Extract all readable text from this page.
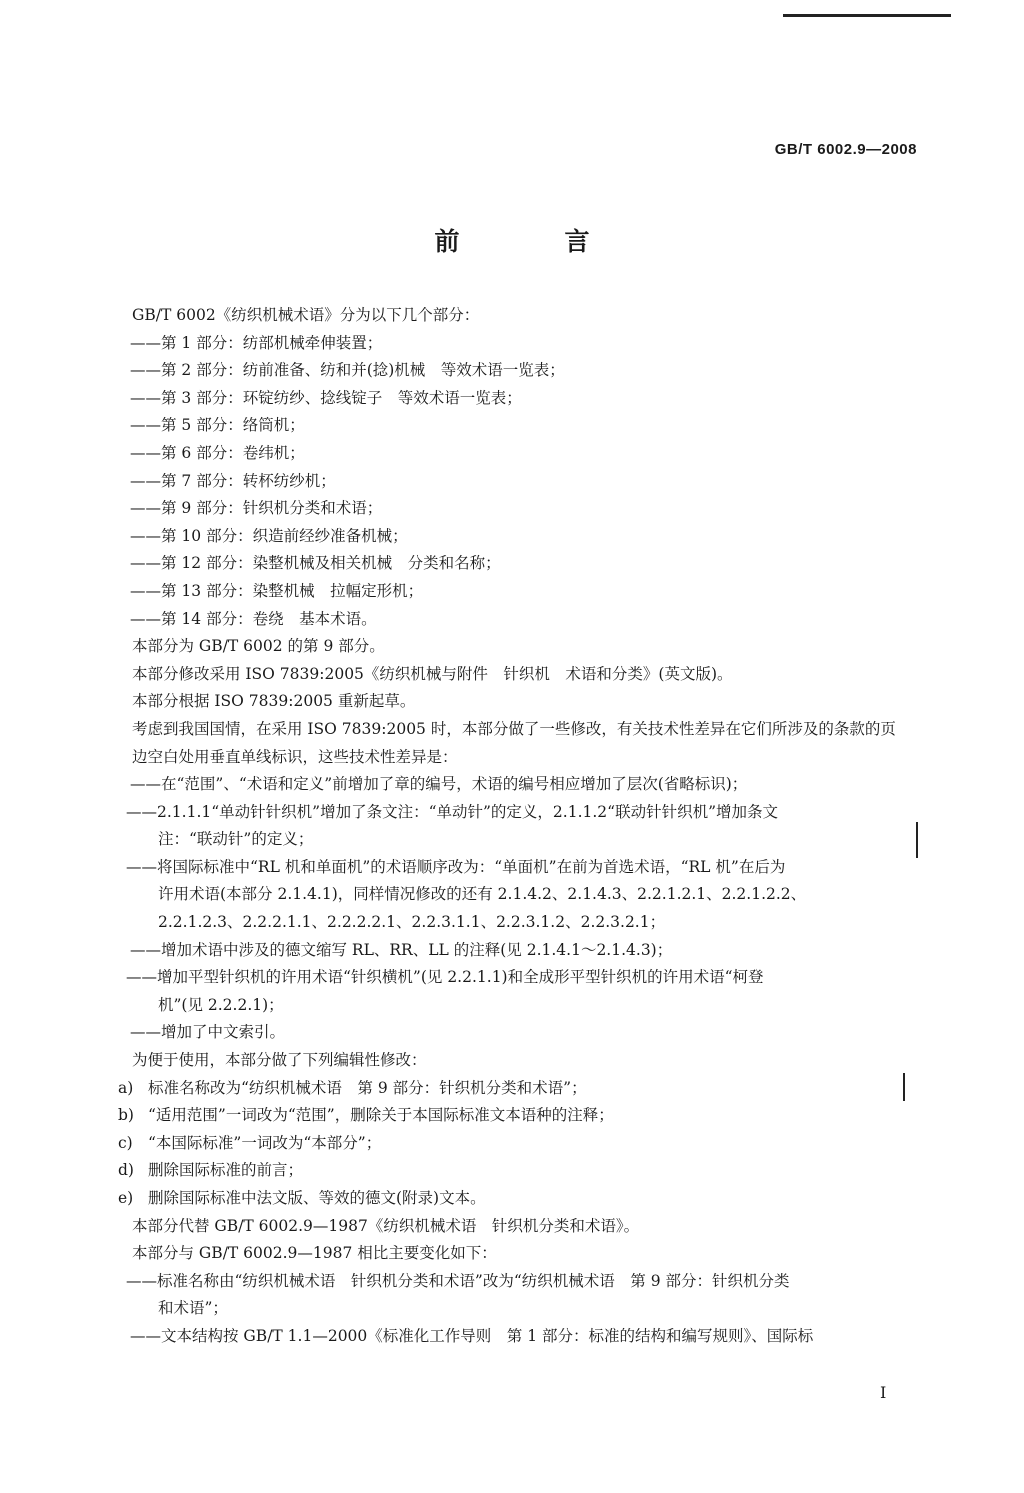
GB/T 6002.9—2008
前　言
GB/T 6002《纺织机械术语》分为以下几个部分：
——第 1 部分：纺部机械牵伸装置；
——第 2 部分：纺前准备、纺和并(捻)机械　等效术语一览表；
——第 3 部分：环锭纺纱、捻线锭子　等效术语一览表；
——第 5 部分：络筒机；
——第 6 部分：卷纬机；
——第 7 部分：转杯纺纱机；
——第 9 部分：针织机分类和术语；
——第 10 部分：织造前经纱准备机械；
——第 12 部分：染整机械及相关机械　分类和名称；
——第 13 部分：染整机械　拉幅定形机；
——第 14 部分：卷绕　基本术语。
本部分为 GB/T 6002 的第 9 部分。
本部分修改采用 ISO 7839:2005《纺织机械与附件　针织机　术语和分类》(英文版)。
本部分根据 ISO 7839:2005 重新起草。
考虑到我国国情，在采用 ISO 7839:2005 时，本部分做了一些修改，有关技术性差异在它们所涉及的条款的页边空白处用垂直单线标识，这些技术性差异是：
——在“范围”、“术语和定义”前增加了章的编号，术语的编号相应增加了层次(省略标识)；
——2.1.1.1“单动针针织机”增加了条文注：“单动针”的定义，2.1.1.2“联动针针织机”增加条文
注：“联动针”的定义；
——将国际标准中“RL 机和单面机”的术语顺序改为：“单面机”在前为首选术语，“RL 机”在后为
许用术语(本部分 2.1.4.1)，同样情况修改的还有 2.1.4.2、2.1.4.3、2.2.1.2.1、2.2.1.2.2、
2.2.1.2.3、2.2.2.1.1、2.2.2.2.1、2.2.3.1.1、2.2.3.1.2、2.2.3.2.1；
——增加术语中涉及的德文缩写 RL、RR、LL 的注释(见 2.1.4.1～2.1.4.3)；
——增加平型针织机的许用术语“针织横机”(见 2.2.1.1)和全成形平型针织机的许用术语“柯登
机”(见 2.2.2.1)；
——增加了中文索引。
为便于使用，本部分做了下列编辑性修改：
a) 标准名称改为“纺织机械术语　第 9 部分：针织机分类和术语”；
b) “适用范围”一词改为“范围”，删除关于本国际标准文本语种的注释；
c) “本国际标准”一词改为“本部分”；
d) 删除国际标准的前言；
e) 删除国际标准中法文版、等效的德文(附录)文本。
本部分代替 GB/T 6002.9—1987《纺织机械术语　针织机分类和术语》。
本部分与 GB/T 6002.9—1987 相比主要变化如下：
——标准名称由“纺织机械术语　针织机分类和术语”改为“纺织机械术语　第 9 部分：针织机分类
和术语”；
——文本结构按 GB/T 1.1—2000《标准化工作导则　第 1 部分：标准的结构和编写规则》、国际标
I
